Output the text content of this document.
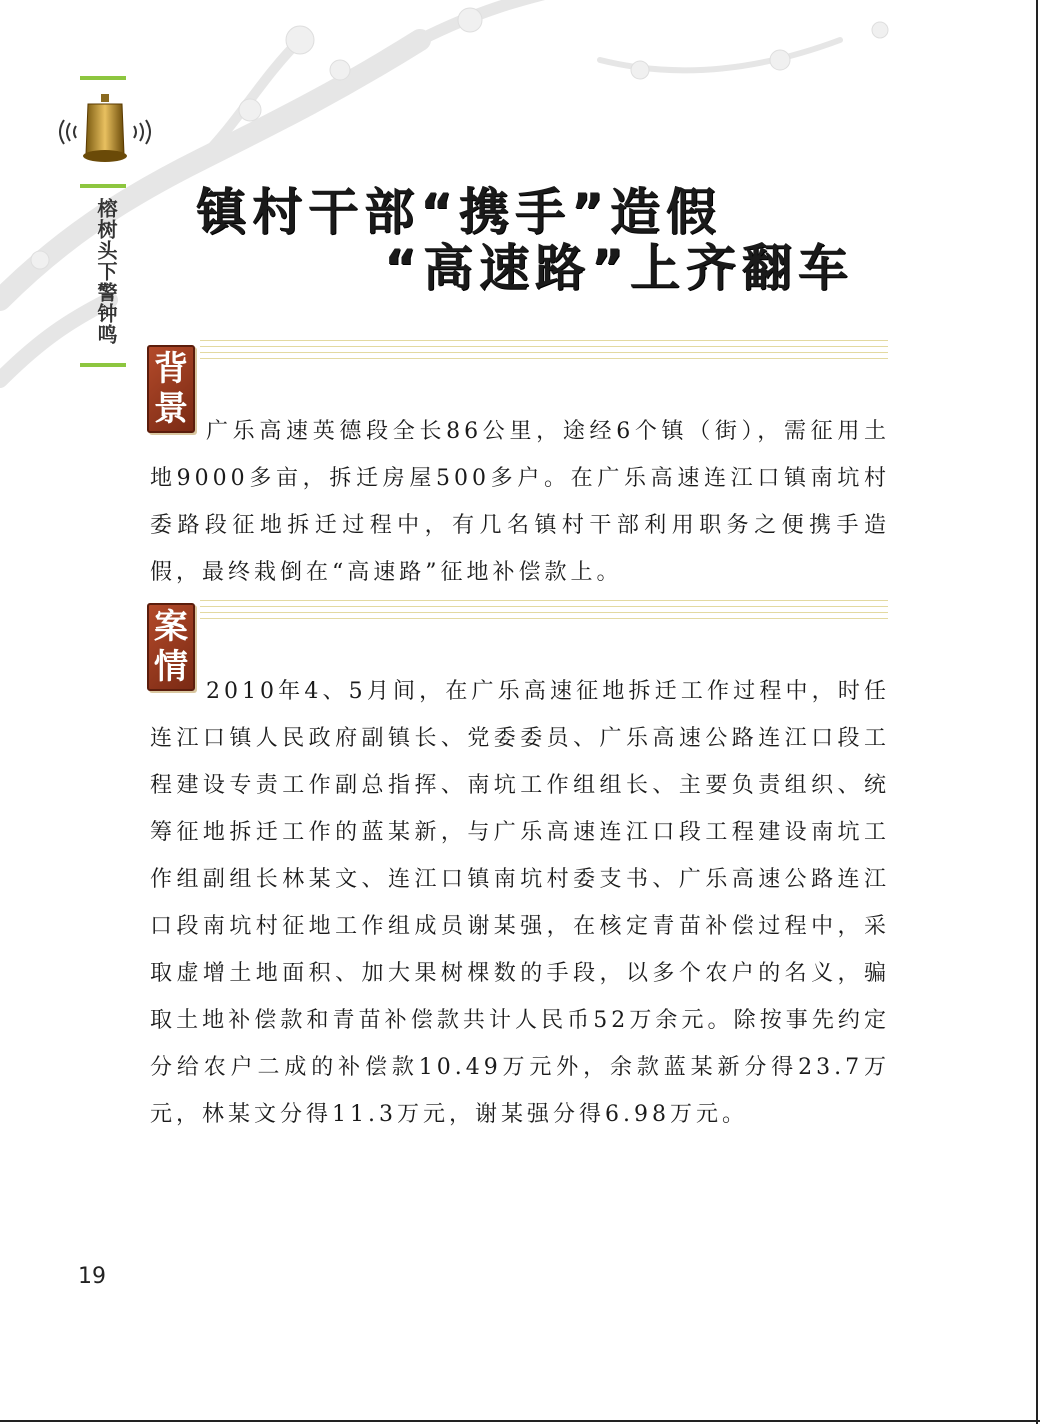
榕树头下警钟鸣 镇村干部“携手”造假
“高速路”上齐翻车
背
景
广乐高速英德段全长86公里，途经6个镇（街），需征用土地9000多亩，拆迁房屋500多户。在广乐高速连江口镇南坑村委路段征地拆迁过程中，有几名镇村干部利用职务之便携手造假，最终栽倒在“高速路”征地补偿款上。
案
情
2010年4、5月间，在广乐高速征地拆迁工作过程中，时任连江口镇人民政府副镇长、党委委员、广乐高速公路连江口段工程建设专责工作副总指挥、南坑工作组组长、主要负责组织、统筹征地拆迁工作的蓝某新，与广乐高速连江口段工程建设南坑工作组副组长林某文、连江口镇南坑村委支书、广乐高速公路连江口段南坑村征地工作组成员谢某强，在核定青苗补偿过程中，采取虚增土地面积、加大果树棵数的手段，以多个农户的名义，骗取土地补偿款和青苗补偿款共计人民币52万余元。除按事先约定分给农户二成的补偿款10.49万元外，余款蓝某新分得23.7万元，林某文分得11.3万元，谢某强分得6.98万元。
19
